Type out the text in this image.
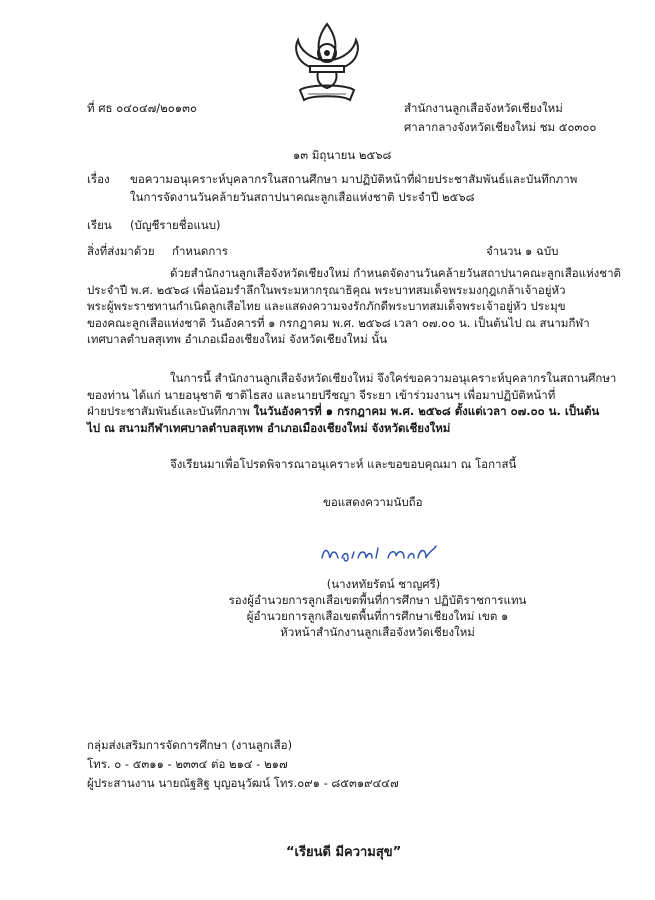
ที่ ศธ ๐๔๐๔๗/๒๐๑๓๐	สำนักงานลูกเสือจังหวัดเชียงใหม่
ศาลากลางจังหวัดเชียงใหม่ ชม ๕๐๓๐๐
๑๓ มิถุนายน ๒๕๖๘
เรื่อง ขอความอนุเคราะห์บุคลากรในสถานศึกษา มาปฏิบัติหน้าที่ฝ่ายประชาสัมพันธ์และบันทึกภาพ
ในการจัดงานวันคล้ายวันสถาปนาคณะลูกเสือแห่งชาติ ประจำปี ๒๕๖๘
เรียน (บัญชีรายชื่อแนบ)
สิ่งที่ส่งมาด้วย กำหนดการ	จำนวน ๑ ฉบับ

ด้วยสำนักงานลูกเสือจังหวัดเชียงใหม่ กำหนดจัดงานวันคล้ายวันสถาปนาคณะลูกเสือแห่งชาติ

ประจำปี พ.ศ. ๒๕๖๘ เพื่อน้อมรำลึกในพระมหากรุณาธิคุณ พระบาทสมเด็จพระมงกุฎเกล้าเจ้าอยู่หัว

พระผู้พระราชทานกำเนิดลูกเสือไทย และแสดงความจงรักภักดีพระบาทสมเด็จพระเจ้าอยู่หัว ประมุข

ของคณะลูกเสือแห่งชาติ วันอังคารที่ ๑ กรกฎาคม พ.ศ. ๒๕๖๘ เวลา ๐๗.๐๐ น. เป็นต้นไป ณ สนามกีฬา

เทศบาลตำบลสุเทพ อำเภอเมืองเชียงใหม่ จังหวัดเชียงใหม่ นั้น

ในการนี้ สำนักงานลูกเสือจังหวัดเชียงใหม่ จึงใคร่ขอความอนุเคราะห์บุคลากรในสถานศึกษา

ของท่าน ได้แก่ นายอนุชาติ ชาติไธสง และนายปรีชญา จีระยา เข้าร่วมงานฯ เพื่อมาปฏิบัติหน้าที่

ฝ่ายประชาสัมพันธ์และบันทึกภาพ ในวันอังคารที่ ๑ กรกฎาคม พ.ศ. ๒๕๖๘ ตั้งแต่เวลา ๐๗.๐๐ น. เป็นต้น

ไป ณ สนามกีฬาเทศบาลตำบลสุเทพ อำเภอเมืองเชียงใหม่ จังหวัดเชียงใหม่

จึงเรียนมาเพื่อโปรดพิจารณาอนุเคราะห์ และขอขอบคุณมา ณ โอกาสนี้

ขอแสดงความนับถือ
(นางหทัยรัตน์ ชาญศรี)
รองผู้อำนวยการลูกเสือเขตพื้นที่การศึกษา ปฏิบัติราชการแทน
ผู้อำนวยการลูกเสือเขตพื้นที่การศึกษาเชียงใหม่ เขต ๑
หัวหน้าสำนักงานลูกเสือจังหวัดเชียงใหม่
กลุ่มส่งเสริมการจัดการศึกษา (งานลูกเสือ)
โทร. ๐ - ๕๓๑๑ - ๒๓๓๔ ต่อ ๒๑๔ - ๒๑๗
ผู้ประสานงาน นายณัฐสิฐ บุญอนุวัฒน์ โทร.๐๙๑ - ๘๕๓๑๙๔๔๗
“เรียนดี มีความสุข”
